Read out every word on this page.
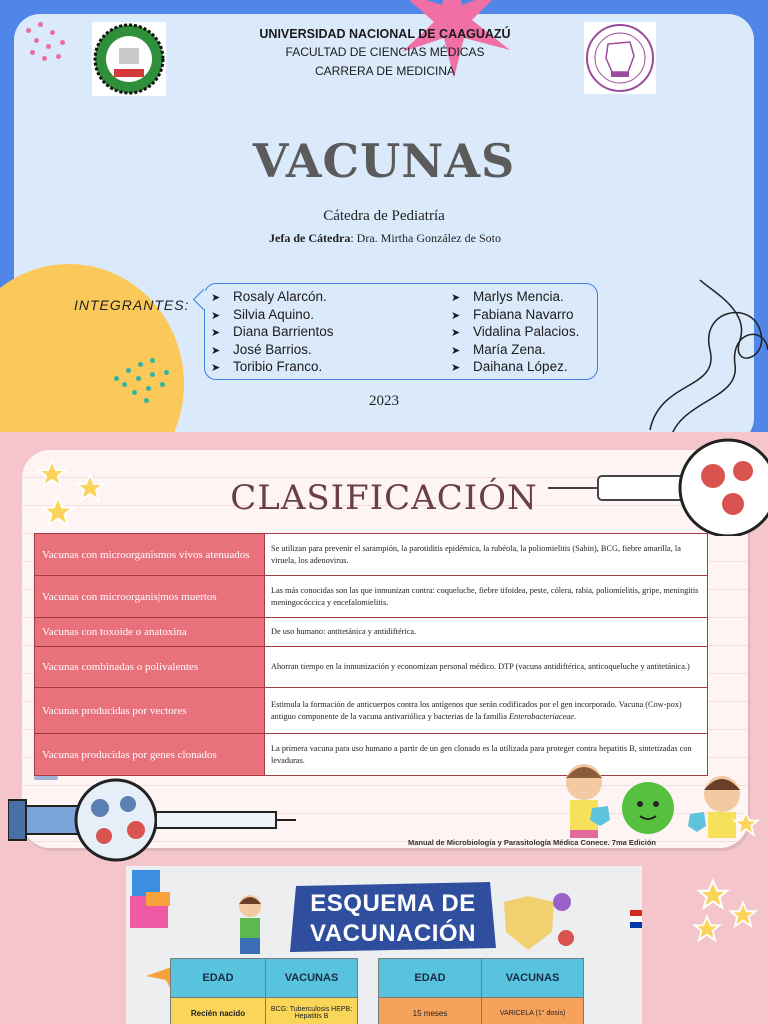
UNIVERSIDAD NACIONAL DE CAAGUAZÚ
FACULTAD DE CIENCIAS MÉDICAS
CARRERA DE MEDICINA
VACUNAS
Cátedra de Pediatría
Jefa de Cátedra: Dra. Mirtha González de Soto
INTEGRANTES: ➤ Rosaly Alarcón.
➤ Silvia Aquino.
➤ Diana Barrientos
➤ José Barrios.
➤ Toribio Franco.
➤ Marlys Mencia.
➤ Fabiana Navarro
➤ Vidalina Palacios.
➤ María Zena.
➤ Daihana López.
2023
CLASIFICACIÓN
Vacunas con microorganismos vivos atenuados	Se utilizan para prevenir el sarampión, la parotiditis epidémica, la rubéola, la poliomielitis (Sabin), BCG, fiebre amarilla, la viruela, los adenovirus.
Vacunas con microorganis|mos muertos	Las más conocidas son las que inmunizan contra: coqueluche, fiebre tifoidea, peste, cólera, rabia, poliomielitis, gripe, meningitis meningocóccica y encefalomielitis.
Vacunas con toxoide o anatoxina	De uso humano: antitetánica y antidiftérica.
Vacunas combinadas o polivalentes	Ahorran tiempo en la inmunización y economizan personal médico. DTP (vacuna antidiftérica, anticoqueluche y antitetánica.)
Vacunas producidas por vectores	Estimula la formación de anticuerpos contra los antígenos que serán codificados por el gen incorporado. Vacuna (Cow-pox) antiguo componente de la vacuna antivariólica y bacterias de la familia Enterobacteriaceae.
Vacunas producidas por genes clonados	La primera vacuna para uso humano a partir de un gen clonado es la utilizada para proteger contra hepatitis B, sintetizadas con levaduras.
Manual de Microbiología y Parasitología Médica Conece. 7ma Edición
ESQUEMA DE
VACUNACIÓN
EDAD	VACUNAS
Recién nacido	BCG: Tuberculosis HEPB: Hepatitis B
EDAD	VACUNAS
15 meses	VARICELA (1° dosis)
